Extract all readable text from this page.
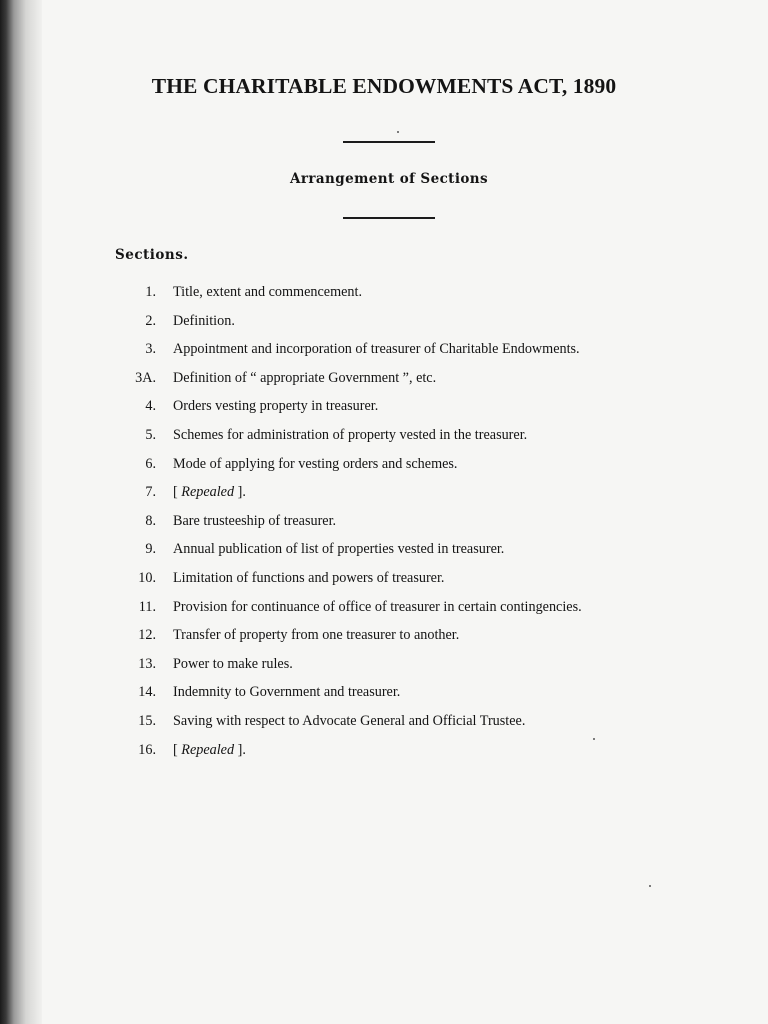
THE CHARITABLE ENDOWMENTS ACT, 1890
Arrangement of Sections
Sections.
1. Title, extent and commencement.
2. Definition.
3. Appointment and incorporation of treasurer of Charitable Endowments.
3A. Definition of “ appropriate Government ”, etc.
4. Orders vesting property in treasurer.
5. Schemes for administration of property vested in the treasurer.
6. Mode of applying for vesting orders and schemes.
7. [ Repealed ].
8. Bare trusteeship of treasurer.
9. Annual publication of list of properties vested in treasurer.
10. Limitation of functions and powers of treasurer.
11. Provision for continuance of office of treasurer in certain contingencies.
12. Transfer of property from one treasurer to another.
13. Power to make rules.
14. Indemnity to Government and treasurer.
15. Saving with respect to Advocate General and Official Trustee.
16. [ Repealed ].
